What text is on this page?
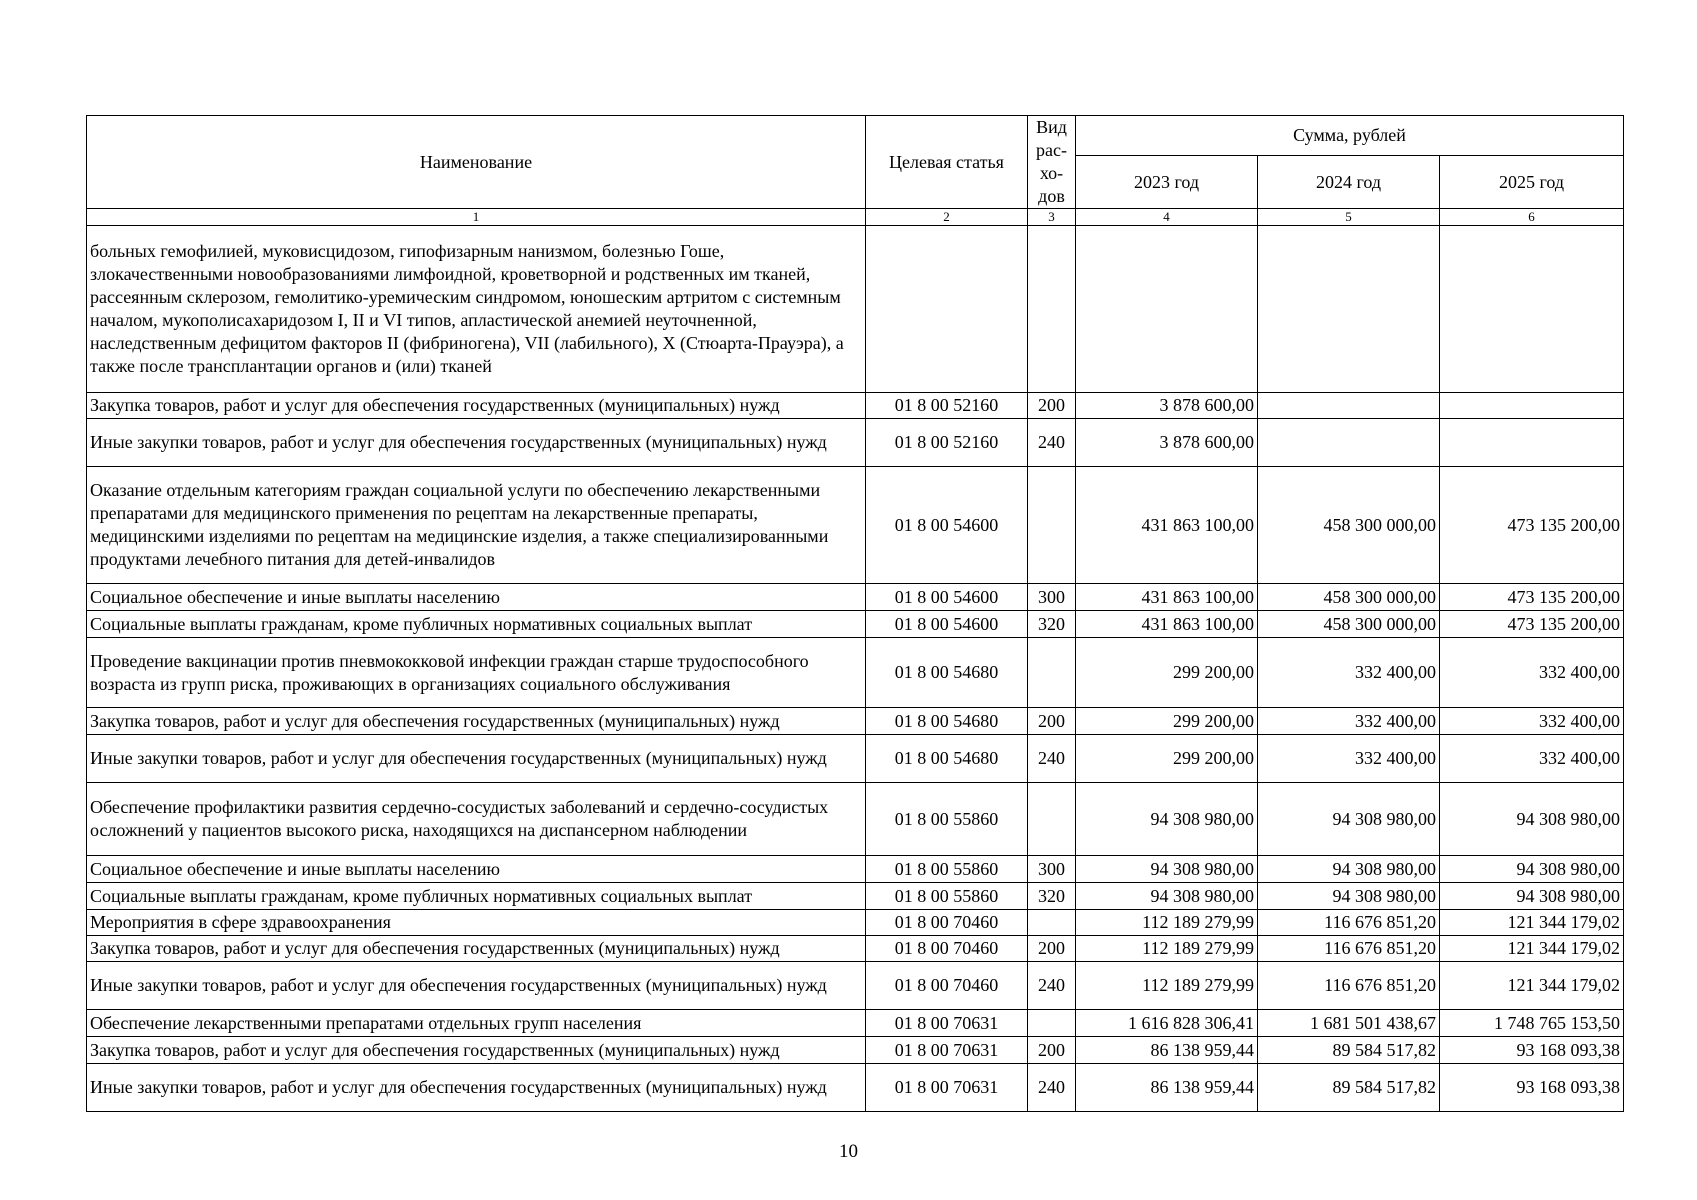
Наименование	Целевая статья	Вид рас- хо- дов	Сумма, рублей		
			2023 год	2024 год	2025 год
1	2	3	4	5	6
больных гемофилией, муковисцидозом, гипофизарным нанизмом, болезнью Гоше, злокачественными новообразованиями лимфоидной, кроветворной и родственных им тканей, рассеянным склерозом, гемолитико-уремическим синдромом, юношеским артритом с системным началом, мукополисахаридозом I, II и VI типов, апластической анемией неуточненной, наследственным дефицитом факторов II (фибриногена), VII (лабильного), X (Стюарта-Прауэра), а также после трансплантации органов и (или) тканей					
Закупка товаров, работ и услуг для обеспечения государственных (муниципальных) нужд	01 8 00 52160	200	3 878 600,00		
Иные закупки товаров, работ и услуг для обеспечения государственных (муниципальных) нужд	01 8 00 52160	240	3 878 600,00		
Оказание отдельным категориям граждан социальной услуги по обеспечению лекарственными препаратами для медицинского применения по рецептам на лекарственные препараты, медицинскими изделиями по рецептам на медицинские изделия, а также специализированными продуктами лечебного питания для детей-инвалидов	01 8 00 54600		431 863 100,00	458 300 000,00	473 135 200,00
Социальное обеспечение и иные выплаты населению	01 8 00 54600	300	431 863 100,00	458 300 000,00	473 135 200,00
Социальные выплаты гражданам, кроме публичных нормативных социальных выплат	01 8 00 54600	320	431 863 100,00	458 300 000,00	473 135 200,00
Проведение вакцинации против пневмококковой инфекции граждан старше трудоспособного возраста из групп риска, проживающих в организациях социального обслуживания	01 8 00 54680		299 200,00	332 400,00	332 400,00
Закупка товаров, работ и услуг для обеспечения государственных (муниципальных) нужд	01 8 00 54680	200	299 200,00	332 400,00	332 400,00
Иные закупки товаров, работ и услуг для обеспечения государственных (муниципальных) нужд	01 8 00 54680	240	299 200,00	332 400,00	332 400,00
Обеспечение профилактики развития сердечно-сосудистых заболеваний и сердечно-сосудистых осложнений у пациентов высокого риска, находящихся на диспансерном наблюдении	01 8 00 55860		94 308 980,00	94 308 980,00	94 308 980,00
Социальное обеспечение и иные выплаты населению	01 8 00 55860	300	94 308 980,00	94 308 980,00	94 308 980,00
Социальные выплаты гражданам, кроме публичных нормативных социальных выплат	01 8 00 55860	320	94 308 980,00	94 308 980,00	94 308 980,00
Мероприятия в сфере здравоохранения	01 8 00 70460		112 189 279,99	116 676 851,20	121 344 179,02
Закупка товаров, работ и услуг для обеспечения государственных (муниципальных) нужд	01 8 00 70460	200	112 189 279,99	116 676 851,20	121 344 179,02
Иные закупки товаров, работ и услуг для обеспечения государственных (муниципальных) нужд	01 8 00 70460	240	112 189 279,99	116 676 851,20	121 344 179,02
Обеспечение лекарственными препаратами отдельных групп населения	01 8 00 70631		1 616 828 306,41	1 681 501 438,67	1 748 765 153,50
Закупка товаров, работ и услуг для обеспечения государственных (муниципальных) нужд	01 8 00 70631	200	86 138 959,44	89 584 517,82	93 168 093,38
Иные закупки товаров, работ и услуг для обеспечения государственных (муниципальных) нужд	01 8 00 70631	240	86 138 959,44	89 584 517,82	93 168 093,38
10
